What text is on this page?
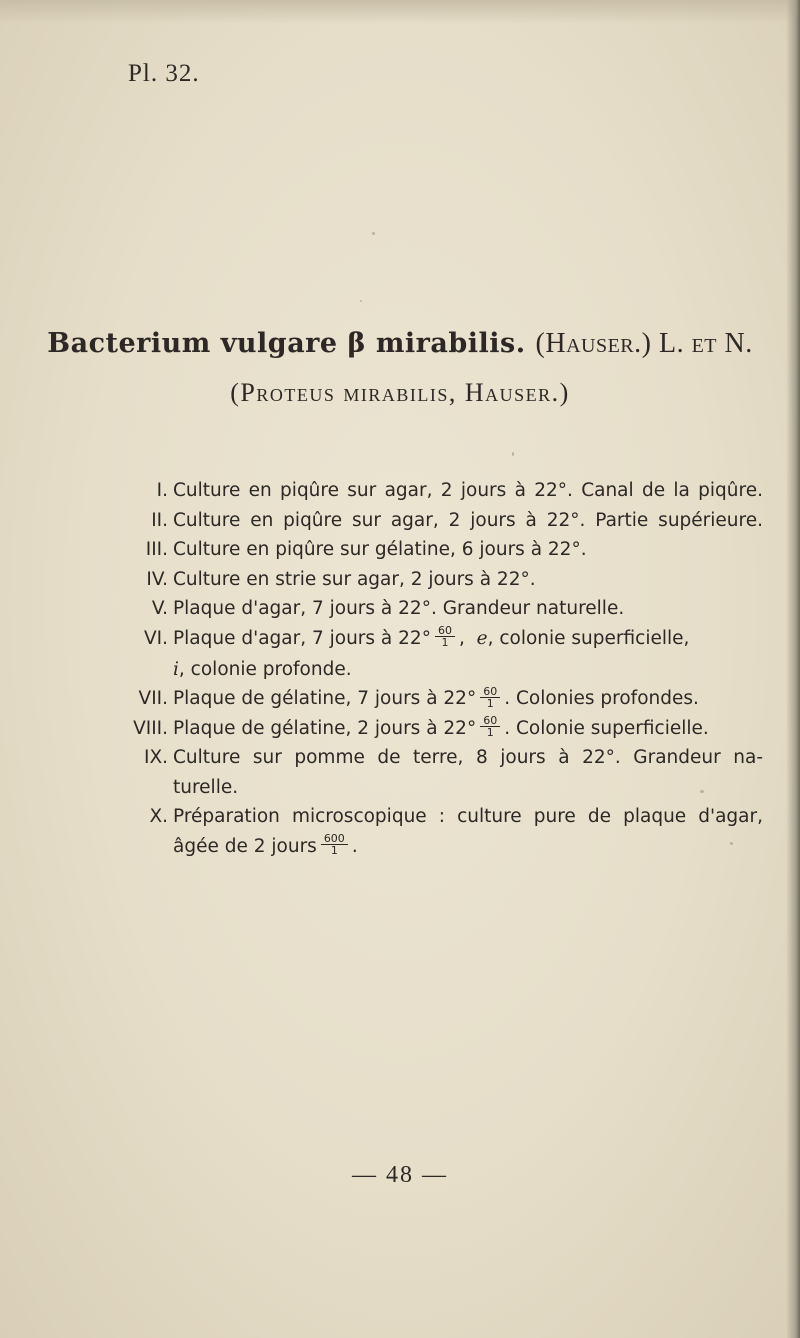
Pl. 32.
Bacterium vulgare β mirabilis. (Hauser.) L. et N.
(Proteus mirabilis, Hauser.)
I. Culture en piqûre sur agar, 2 jours à 22°. Canal de la piqûre.
II. Culture en piqûre sur agar, 2 jours à 22°. Partie supérieure.
III. Culture en piqûre sur gélatine, 6 jours à 22°.
IV. Culture en strie sur agar, 2 jours à 22°.
V. Plaque d'agar, 7 jours à 22°. Grandeur naturelle.
VI. Plaque d'agar, 7 jours à $22^\circ \frac{60}{1}$ , e, colonie superficielle,
i, colonie profonde.
VII. Plaque de gélatine, 7 jours à $22^\circ \frac{60}{1}$ . Colonies profondes.
VIII. Plaque de gélatine, 2 jours à $22^\circ \frac{60}{1}$ . Colonie superficielle.
IX. Culture sur pomme de terre, 8 jours à 22°. Grandeur na-
turelle.
X. Préparation microscopique : culture pure de plaque d'agar,
âgée de 2 jours $\frac{600}{1}$ .
— 48 —
